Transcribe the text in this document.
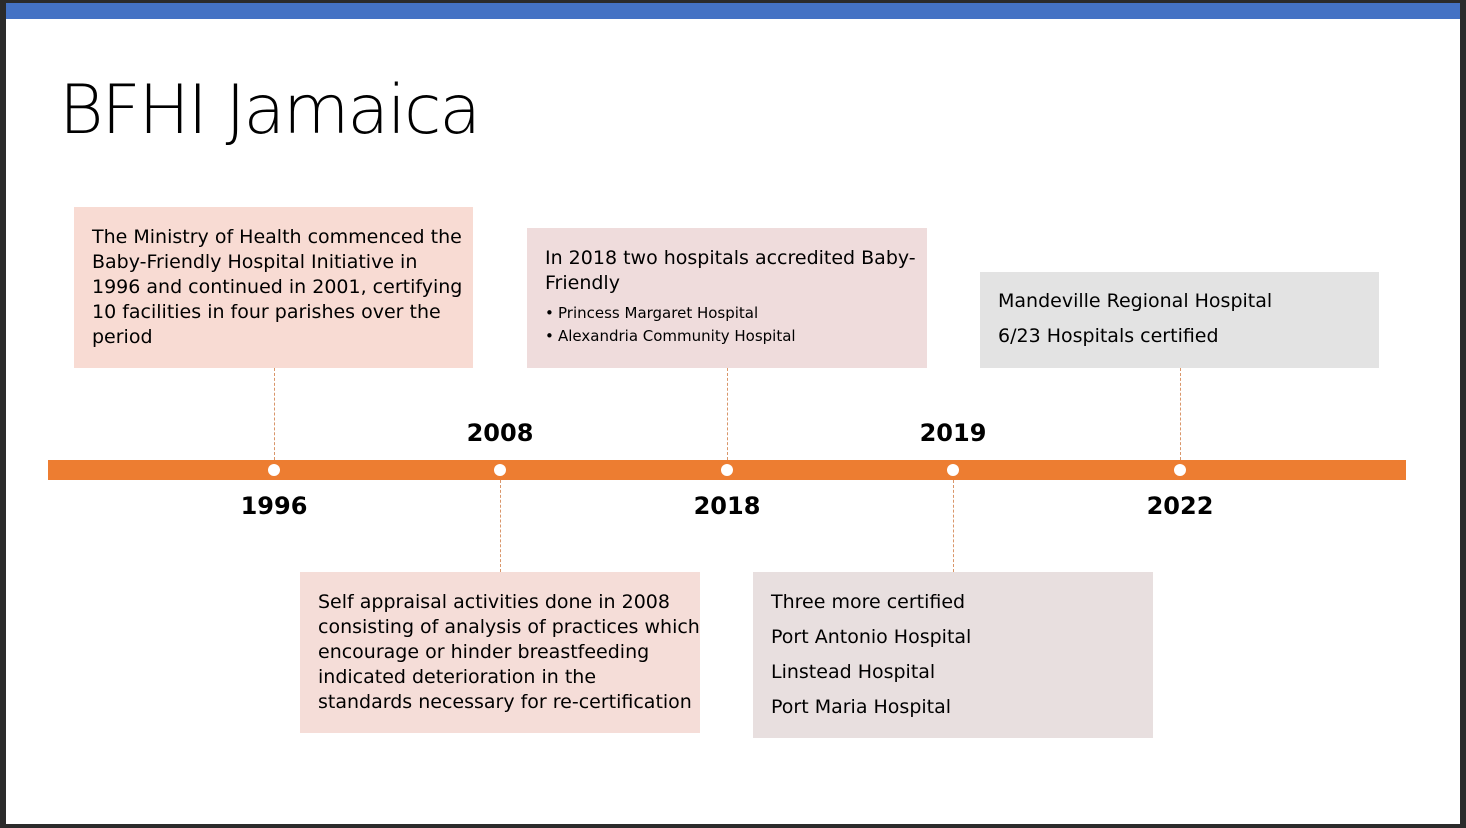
BFHI Jamaica
1996
2008
2018
2019
2022
The Ministry of Health commenced the
Baby-Friendly Hospital Initiative in
1996 and continued in 2001, certifying
10 facilities in four parishes over the
period
In 2018 two hospitals accredited Baby-
Friendly
• Princess Margaret Hospital
• Alexandria Community Hospital
Mandeville Regional Hospital
6/23 Hospitals certified
Self appraisal activities done in 2008
consisting of analysis of practices which
encourage or hinder breastfeeding
indicated deterioration in the
standards necessary for re-certification
Three more certified
Port Antonio Hospital
Linstead Hospital
Port Maria Hospital
